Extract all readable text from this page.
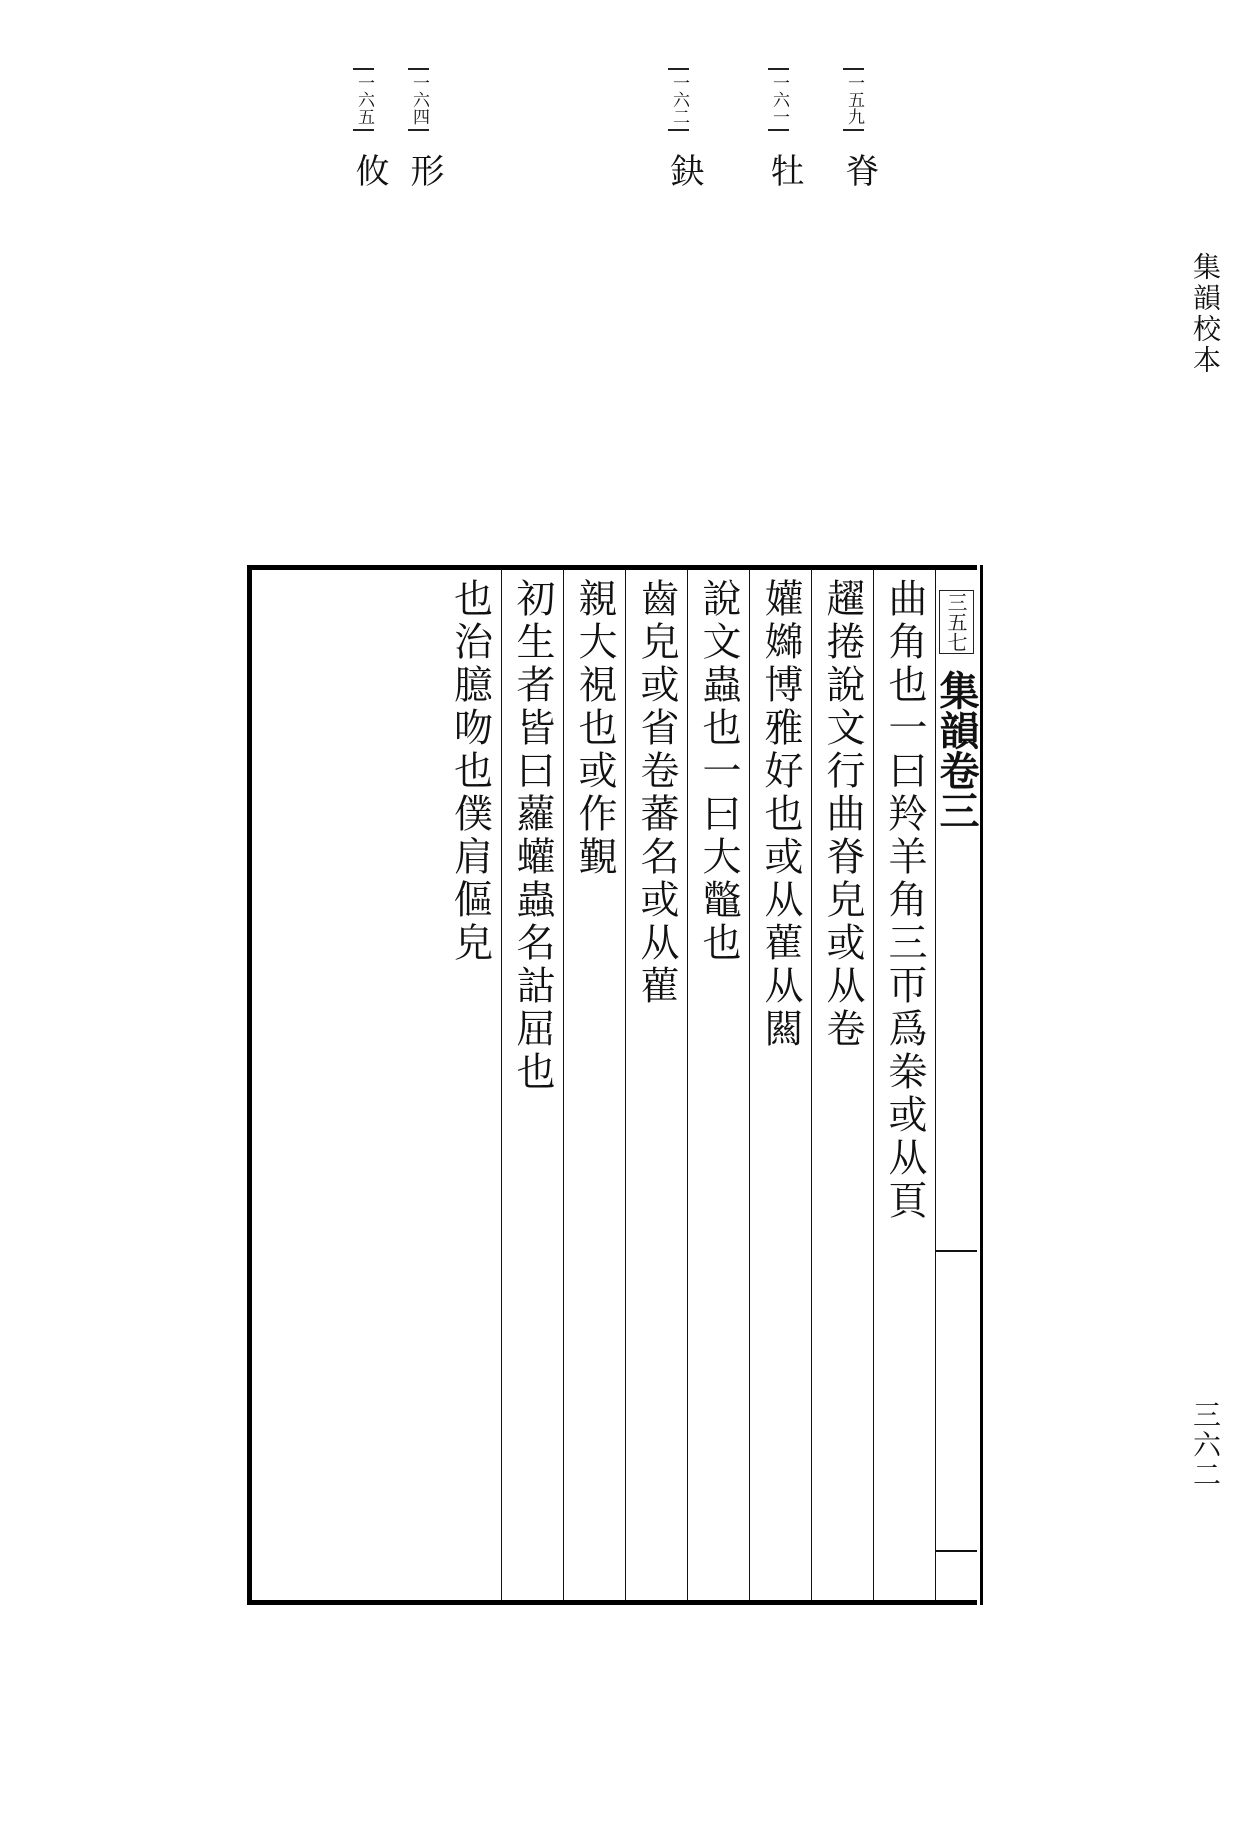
集韻校本
三六二
一五九
脊
一六一
牡
一六二
鈌
一六四
形
一六五
攸
三五七
集韻卷三
曲角也一曰羚羊角三帀爲桊或从頁
趯捲說文行曲脊皃或从卷
孉嬵博雅好也或从雚从闗
說文蟲也一曰大鼈也
齒皃或省卷蕃名或从雚
親大視也或作覲
初生者皆曰蘿蠸蟲名詁屈也
也治臆吻也僕肩傴皃
